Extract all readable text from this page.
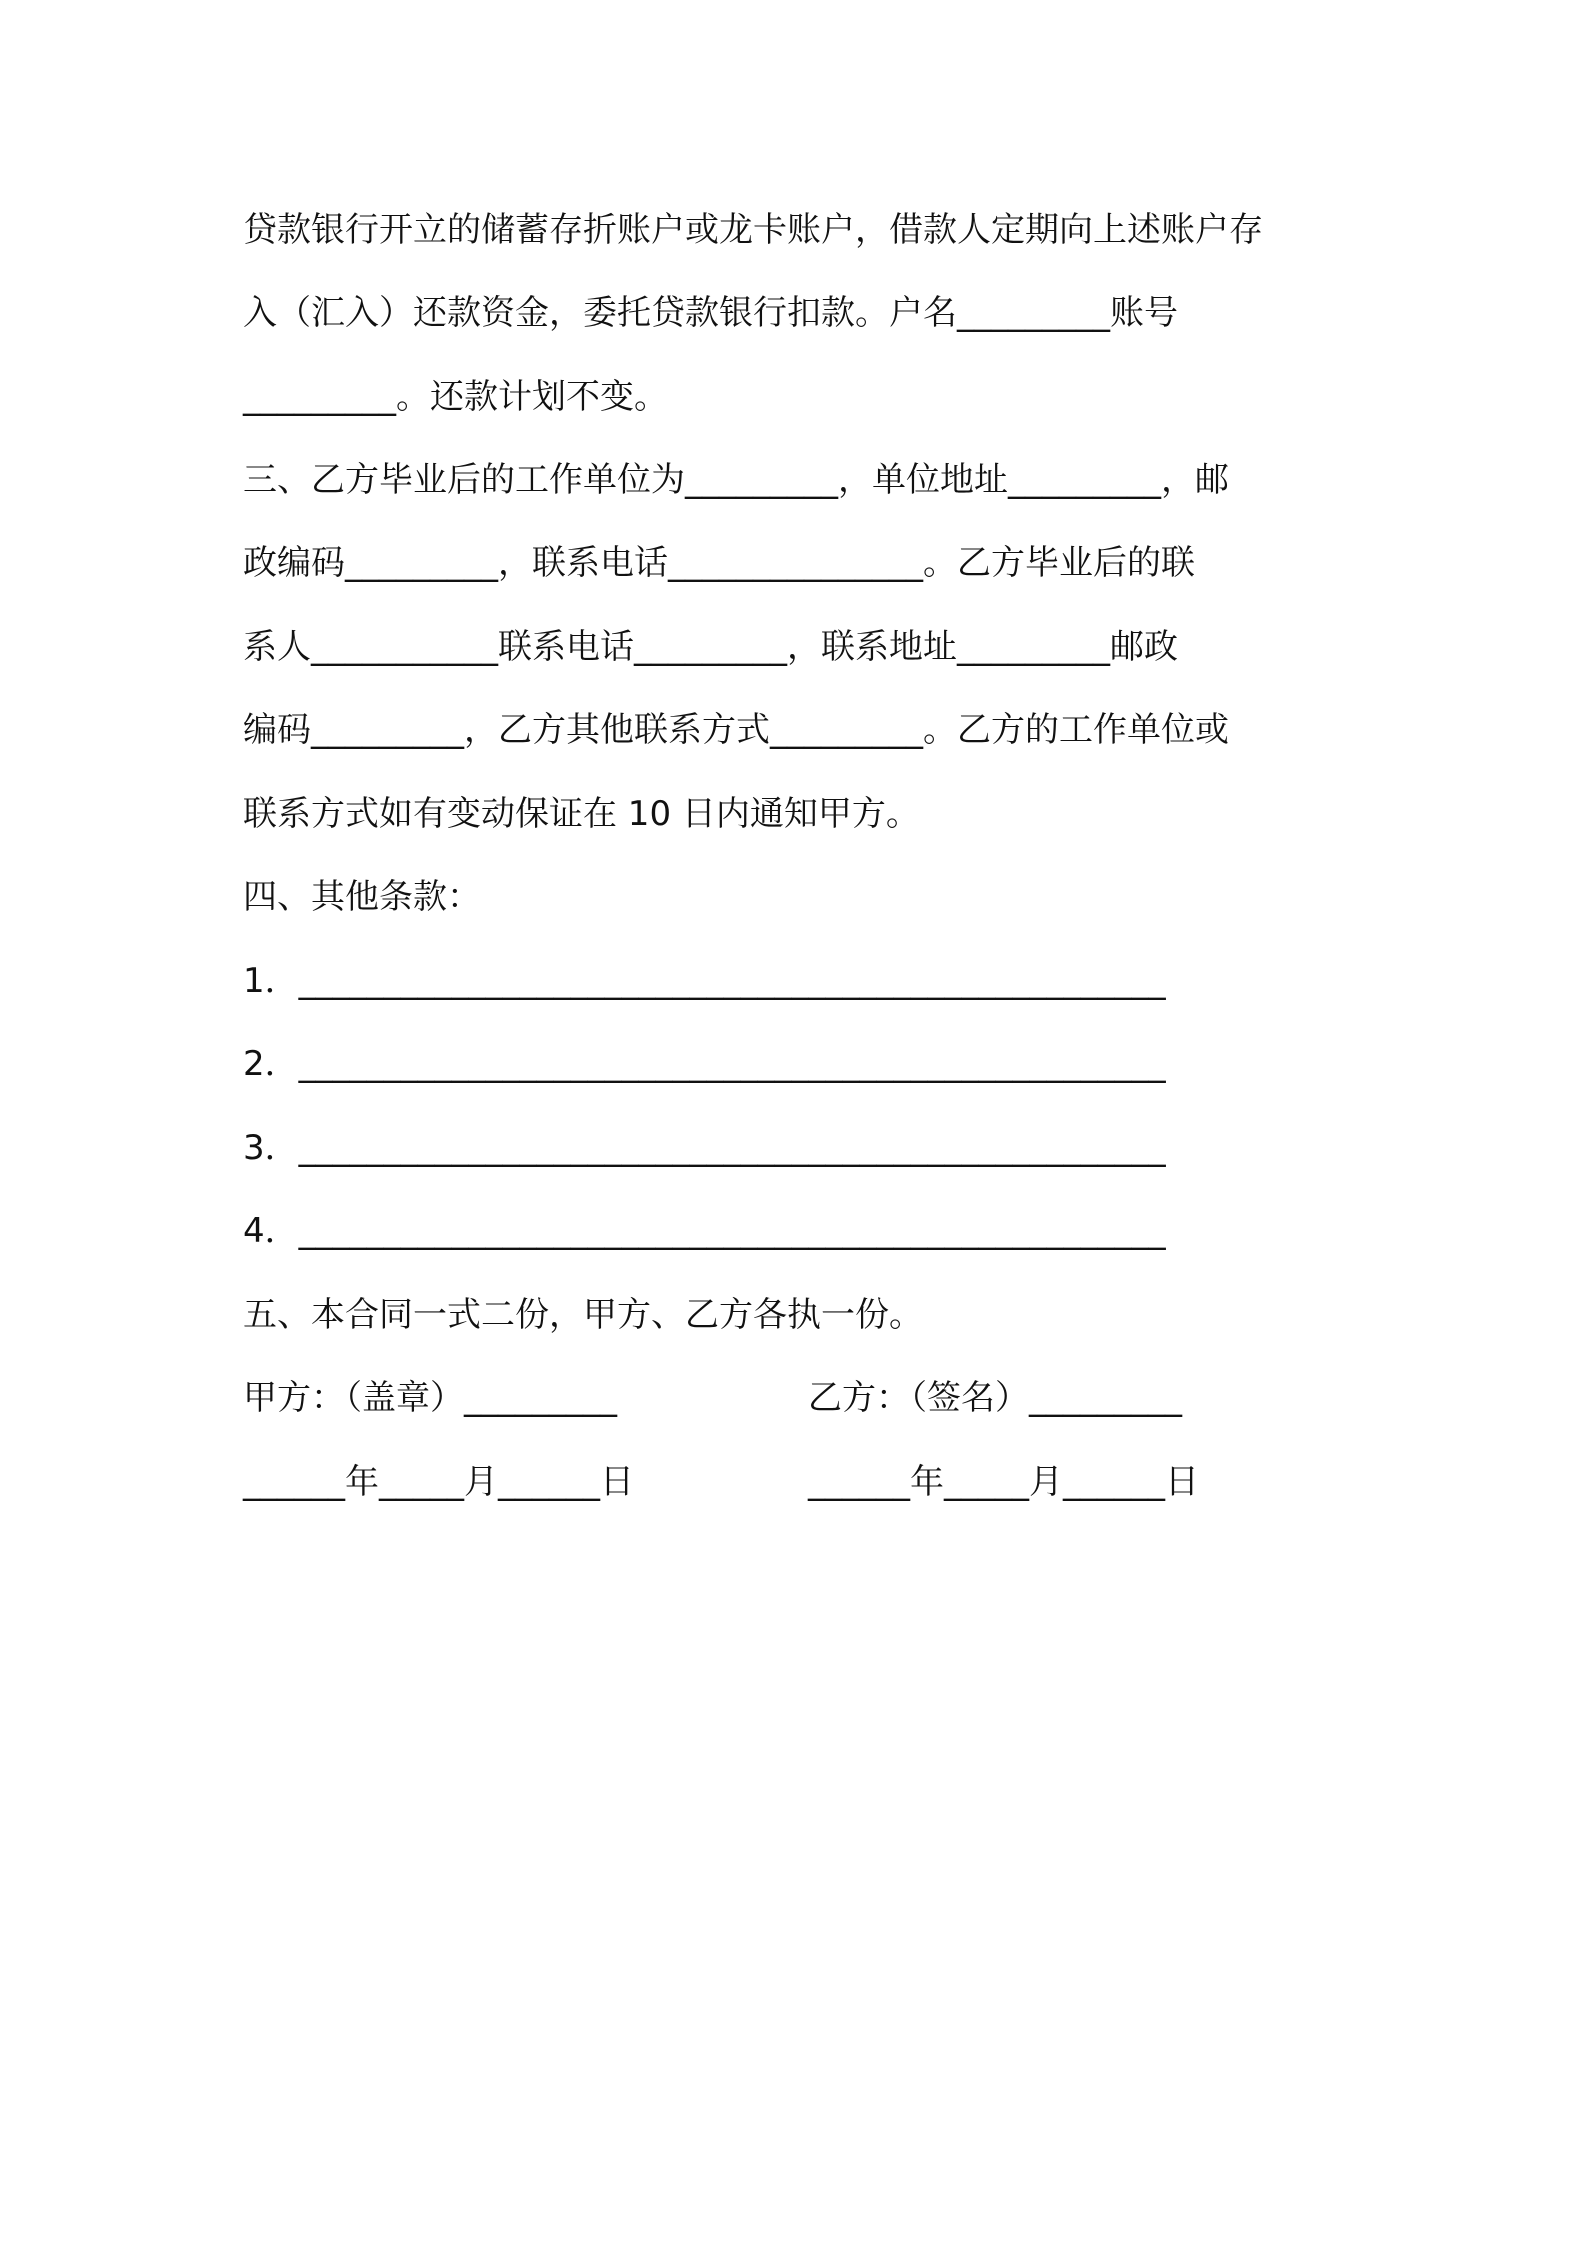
贷款银行开立的储蓄存折账户或龙卡账户，借款人定期向上述账户存
入（汇入）还款资金，委托贷款银行扣款。户名_________账号
_________。还款计划不变。
三、乙方毕业后的工作单位为_________，单位地址_________，邮
政编码_________，联系电话_______________。乙方毕业后的联
系人___________联系电话_________，联系地址_________邮政
编码_________，乙方其他联系方式_________。乙方的工作单位或
联系方式如有变动保证在 10 日内通知甲方。
四、其他条款：
1．___________________________________________________
2．___________________________________________________
3．___________________________________________________
4．___________________________________________________
五、本合同一式二份，甲方、乙方各执一份。
甲方：（盖章）_________	乙方：（签名）_________
______年_____月______日	______年_____月______日
